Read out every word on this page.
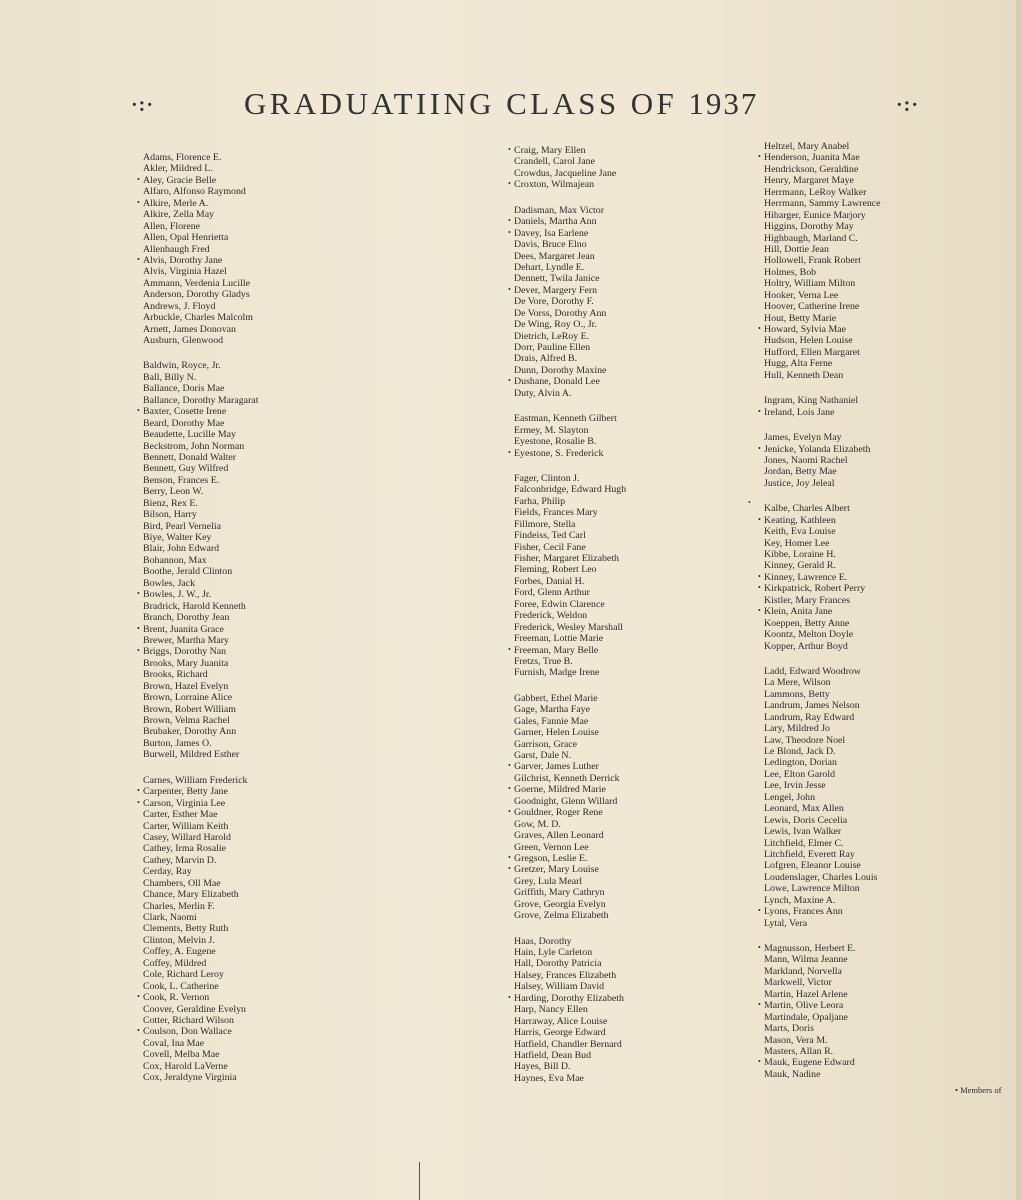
·:·	GRADUATIING CLASS OF 1937	·:·
Adams, Florence E.
Akler, Mildred L.
• Aley, Gracie Belle
Alfaro, Alfonso Raymond
• Alkire, Merle A.
Alkire, Zella May
Allen, Florene
Allen, Opal Henrietta
Allenbaugh Fred
• Alvis, Dorothy Jane
Alvis, Virginia Hazel
Ammann, Verdenia Lucille
Anderson, Dorothy Gladys
Andrews, J. Floyd
Arbuckle, Charles Malcolm
Arnett, James Donovan
Ausburn, Glenwood
Baldwin, Royce, Jr.
Ball, Billy N.
Ballance, Doris Mae
Ballance, Dorothy Maragarat
• Baxter, Cosette Irene
Beard, Dorothy Mae
Beaudette, Lucille May
Beckstrom, John Norman
Bennett, Donald Walter
Bennett, Guy Wilfred
Benson, Frances E.
Berry, Leon W.
Bienz, Rex E.
Bilson, Harry
Bird, Pearl Vernelia
Biye, Walter Key
Blair, John Edward
Bohannon, Max
Boothe, Jerald Clinton
Bowles, Jack
• Bowles, J. W., Jr.
Bradrick, Harold Kenneth
Branch, Dorothy Jean
• Brent, Juanita Grace
Brewer, Martha Mary
• Briggs, Dorothy Nan
Brooks, Mary Juanita
Brooks, Richard
Brown, Hazel Evelyn
Brown, Lorraine Alice
Brown, Robert William
Brown, Velma Rachel
Brubaker, Dorothy Ann
Burton, James O.
Burwell, Mildred Esther
Carnes, William Frederick
• Carpenter, Betty Jane
• Carson, Virginia Lee
Carter, Esther Mae
Carter, William Keith
Casey, Willard Harold
Cathey, Irma Rosalie
Cathey, Marvin D.
Cerday, Ray
Chambers, Oll Mae
Chance, Mary Elizabeth
Charles, Merlin F.
Clark, Naomi
Clements, Betty Ruth
Clinton, Melvin J.
Coffey, A. Eugene
Coffey, Mildred
Cole, Richard Leroy
Cook, L. Catherine
• Cook, R. Vernon
Coover, Geraldine Evelyn
Cotter, Richard Wilson
• Coulson, Don Wallace
Coval, Ina Mae
Covell, Melba Mae
Cox, Harold LaVerne
Cox, Jeraldyne Virginia
• Craig, Mary Ellen
Crandell, Carol Jane
Crowdus, Jacqueline Jane
• Croxton, Wilmajean
Dadisman, Max Victor
• Daniels, Martha Ann
• Davey, Isa Earlene
Davis, Bruce Elno
Dees, Margaret Jean
Dehart, Lyndle E.
Dennett, Twila Janice
• Dever, Margery Fern
De Vore, Dorothy F.
De Vorss, Dorothy Ann
De Wing, Roy O., Jr.
Dietrich, LeRoy E.
Dorr, Pauline Ellen
Drais, Alfred B.
Dunn, Dorothy Maxine
• Dushane, Donald Lee
Duty, Alvin A.
Eastman, Kenneth Gilbert
Ermey, M. Slayton
Eyestone, Rosalie B.
• Eyestone, S. Frederick
Fager, Clinton J.
Falconbridge, Edward Hugh
Farha, Philip
Fields, Frances Mary
Fillmore, Stella
Findeiss, Ted Carl
Fisher, Cecil Fane
Fisher, Margaret Elizabeth
Fleming, Robert Leo
Forbes, Danial H.
Ford, Glenn Arthur
Foree, Edwin Clarence
Frederick, Weldon
Frederick, Wesley Marshall
Freeman, Lottie Marie
• Freeman, Mary Belle
Fretzs, True B.
Furnish, Madge Irene
Gabbert, Ethel Marie
Gage, Martha Faye
Gales, Fannie Mae
Garner, Helen Louise
Garrison, Grace
Garst, Dale N.
• Garver, James Luther
Gilchrist, Kenneth Derrick
• Goerne, Mildred Marie
Goodnight, Glenn Willard
• Gouldner, Roger Rene
Gow, M. D.
Graves, Allen Leonard
Green, Vernon Lee
• Gregson, Leslie E.
• Gretzer, Mary Louise
Grey, Lula Mearl
Griffith, Mary Cathryn
Grove, Georgia Evelyn
Grove, Zelma Elizabeth
Haas, Dorothy
Hain, Lyle Carleton
Hall, Dorothy Patricia
Halsey, Frances Elizabeth
Halsey, William David
• Harding, Dorothy Elizabeth
Harp, Nancy Ellen
Harraway, Alice Louise
Harris, George Edward
Hatfield, Chandler Bernard
Hatfield, Dean Bud
Hayes, Bill D.
Haynes, Eva Mae
Heltzel, Mary Anabel
• Henderson, Juanita Mae
Hendrickson, Geraldine
Henry, Margaret Maye
Herrmann, LeRoy Walker
Herrmann, Sammy Lawrence
Hibarger, Eunice Marjory
Higgins, Dorothy May
Highbaugh, Marland C.
Hill, Dottie Jean
Hollowell, Frank Robert
Holmes, Bob
Holtry, William Milton
Hooker, Verna Lee
Hoover, Catherine Irene
Hout, Betty Marie
• Howard, Sylvia Mae
Hudson, Helen Louise
Hufford, Ellen Margaret
Hugg, Alta Ferne
Hull, Kenneth Dean
Ingram, King Nathaniel
• Ireland, Lois Jane
James, Evelyn May
• Jenicke, Yolanda Elizabeth
Jones, Naomi Rachel
Jordan, Betty Mae
Justice, Joy Jeleal
Kalbe, Charles Albert
• Keating, Kathleen
Keith, Eva Louise
Key, Homer Lee
Kibbe, Loraine H.
Kinney, Gerald R.
• Kinney, Lawrence E.
• Kirkpatrick, Robert Perry
Kistler, Mary Frances
• Klein, Anita Jane
Koeppen, Betty Anne
Koontz, Melton Doyle
Kopper, Arthur Boyd
Ladd, Edward Woodrow
La Mere, Wilson
Lammons, Betty
Landrum, James Nelson
Landrum, Ray Edward
Lary, Mildred Jo
Law, Theodore Noel
Le Blond, Jack D.
Ledington, Dorian
Lee, Elton Garold
Lee, Irvin Jesse
Lengel, John
Leonard, Max Allen
Lewis, Doris Cecelia
Lewis, Ivan Walker
Litchfield, Elmer C.
Litchfield, Everett Ray
Lofgren, Eleanor Louise
Loudenslager, Charles Louis
Lowe, Lawrence Milton
Lynch, Maxine A.
• Lyons, Frances Ann
Lytal, Vera
• Magnusson, Herbert E.
Mann, Wilma Jeanne
Markland, Norvella
Markwell, Victor
Martin, Hazel Arlene
• Martin, Olive Leora
Martindale, Opaljane
Marts, Doris
Mason, Vera M.
Masters, Allan R.
• Mauk, Eugene Edward
Mauk, Nadine
•
• Members of
